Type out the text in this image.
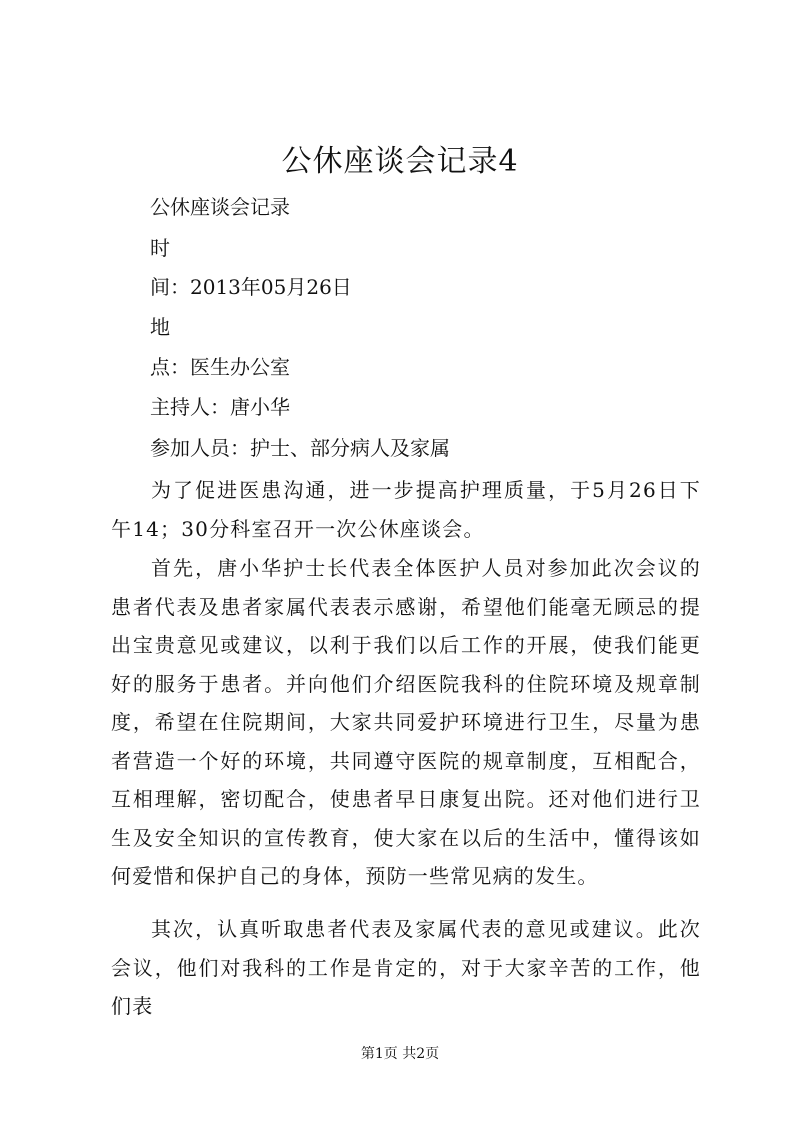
公休座谈会记录4
公休座谈会记录
时
间：2013年05月26日
地
点：医生办公室
主持人：唐小华
参加人员：护士、部分病人及家属

为了促进医患沟通，进一步提高护理质量，于5月26日下午14；30分科室召开一次公休座谈会。

首先，唐小华护士长代表全体医护人员对参加此次会议的患者代表及患者家属代表表示感谢，希望他们能毫无顾忌的提出宝贵意见或建议，以利于我们以后工作的开展，使我们能更好的服务于患者。并向他们介绍医院我科的住院环境及规章制度，希望在住院期间，大家共同爱护环境进行卫生，尽量为患者营造一个好的环境，共同遵守医院的规章制度，互相配合，互相理解，密切配合，使患者早日康复出院。还对他们进行卫生及安全知识的宣传教育，使大家在以后的生活中，懂得该如何爱惜和保护自己的身体，预防一些常见病的发生。

其次，认真听取患者代表及家属代表的意见或建议。此次会议，他们对我科的工作是肯定的，对于大家辛苦的工作，他们表

第1页 共2页
